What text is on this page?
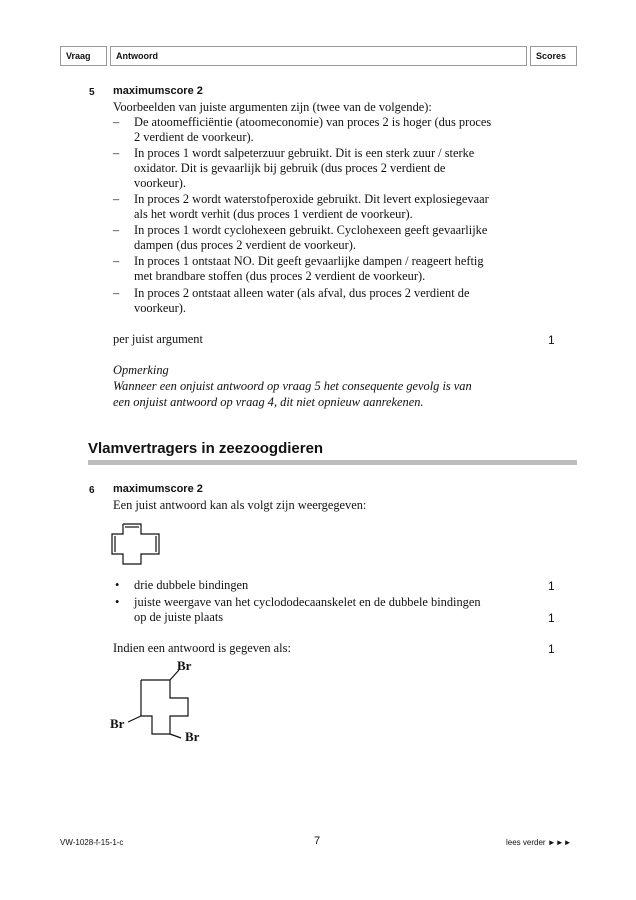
Vraag	Antwoord	Scores
5 maximumscore 2
Voorbeelden van juiste argumenten zijn (twee van de volgende):
– De atoomefficiëntie (atoomeconomie) van proces 2 is hoger (dus proces
2 verdient de voorkeur).
– In proces 1 wordt salpeterzuur gebruikt. Dit is een sterk zuur / sterke
oxidator. Dit is gevaarlijk bij gebruik (dus proces 2 verdient de
voorkeur).
– In proces 2 wordt waterstofperoxide gebruikt. Dit levert explosiegevaar
als het wordt verhit (dus proces 1 verdient de voorkeur).
– In proces 1 wordt cyclohexeen gebruikt. Cyclohexeen geeft gevaarlijke
dampen (dus proces 2 verdient de voorkeur).
– In proces 1 ontstaat NO. Dit geeft gevaarlijke dampen / reageert heftig
met brandbare stoffen (dus proces 2 verdient de voorkeur).
– In proces 2 ontstaat alleen water (als afval, dus proces 2 verdient de
voorkeur).
per juist argument	1
Opmerking
Wanneer een onjuist antwoord op vraag 5 het consequente gevolg is van
een onjuist antwoord op vraag 4, dit niet opnieuw aanrekenen.
Vlamvertragers in zeezoogdieren
6 maximumscore 2
Een juist antwoord kan als volgt zijn weergegeven:
• drie dubbele bindingen	1
• juiste weergave van het cyclododecaanskelet en de dubbele bindingen
op de juiste plaats	1
Indien een antwoord is gegeven als:	1
Br
Br
Br
VW-1028-f-15-1-c	7	lees verder ►►►
